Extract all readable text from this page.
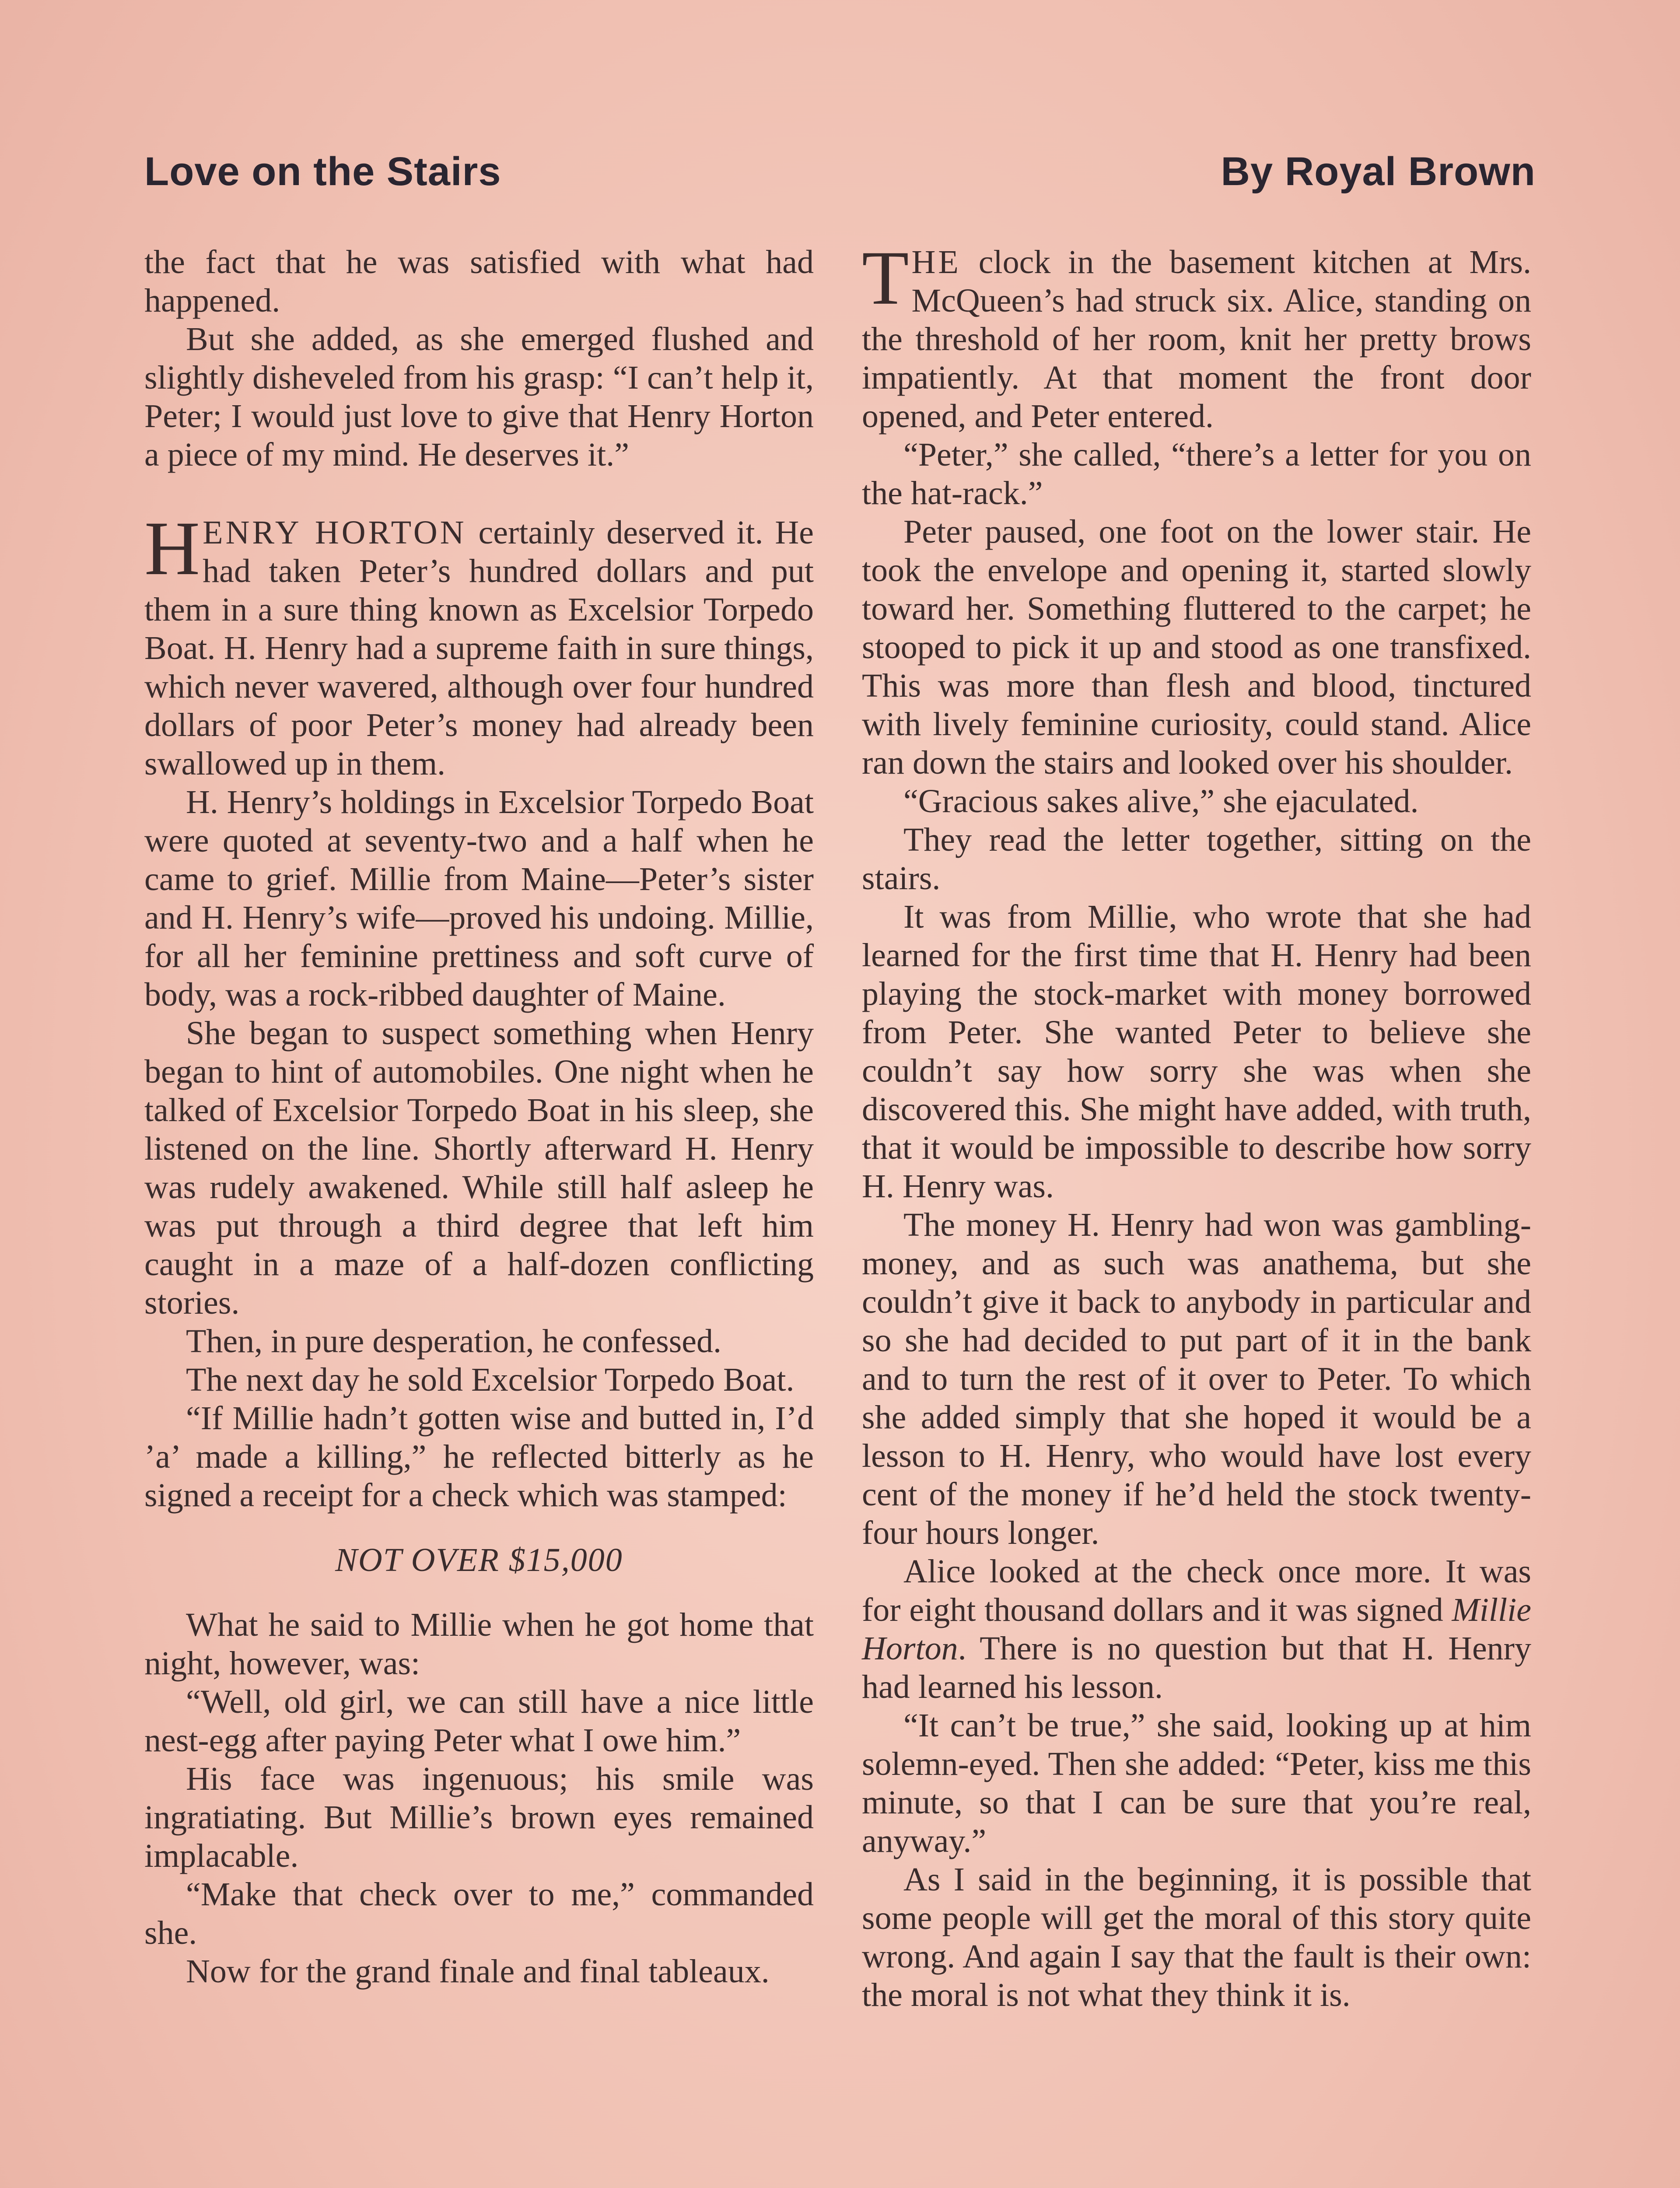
Love on the Stairs	By Royal Brown

the fact that he was satisfied with what had happened.

But she added, as she emerged flushed and slightly disheveled from his grasp: “I can’t help it, Peter; I would just love to give that Henry Horton a piece of my mind. He deserves it.”

HENRY HORTON certainly deserved it. He had taken Peter’s hundred dollars and put them in a sure thing known as Excelsior Torpedo Boat. H. Henry had a supreme faith in sure things, which never wavered, although over four hundred dollars of poor Peter’s money had already been swallowed up in them.

H. Henry’s holdings in Excelsior Torpedo Boat were quoted at seventy-two and a half when he came to grief. Millie from Maine—Peter’s sister and H. Henry’s wife—proved his undoing. Millie, for all her feminine prettiness and soft curve of body, was a rock-ribbed daughter of Maine.

She began to suspect something when Henry began to hint of automobiles. One night when he talked of Excelsior Torpedo Boat in his sleep, she listened on the line. Shortly afterward H. Henry was rudely awakened. While still half asleep he was put through a third degree that left him caught in a maze of a half-dozen conflicting stories.

Then, in pure desperation, he confessed.

The next day he sold Excelsior Torpedo Boat.

“If Millie hadn’t gotten wise and butted in, I’d ’a’ made a killing,” he reflected bitterly as he signed a receipt for a check which was stamped:

NOT OVER $15,000

What he said to Millie when he got home that night, however, was:

“Well, old girl, we can still have a nice little nest-egg after paying Peter what I owe him.”

His face was ingenuous; his smile was ingratiating. But Millie’s brown eyes remained implacable.

“Make that check over to me,” commanded she.

Now for the grand finale and final tableaux.

THE clock in the basement kitchen at Mrs. McQueen’s had struck six. Alice, standing on the threshold of her room, knit her pretty brows impatiently. At that moment the front door opened, and Peter entered.

“Peter,” she called, “there’s a letter for you on the hat-rack.”

Peter paused, one foot on the lower stair. He took the envelope and opening it, started slowly toward her. Something fluttered to the carpet; he stooped to pick it up and stood as one transfixed. This was more than flesh and blood, tinctured with lively feminine curiosity, could stand. Alice ran down the stairs and looked over his shoulder.

“Gracious sakes alive,” she ejaculated.

They read the letter together, sitting on the stairs.

It was from Millie, who wrote that she had learned for the first time that H. Henry had been playing the stock-market with money borrowed from Peter. She wanted Peter to believe she couldn’t say how sorry she was when she discovered this. She might have added, with truth, that it would be impossible to describe how sorry H. Henry was.

The money H. Henry had won was gambling-money, and as such was anathema, but she couldn’t give it back to anybody in particular and so she had decided to put part of it in the bank and to turn the rest of it over to Peter. To which she added simply that she hoped it would be a lesson to H. Henry, who would have lost every cent of the money if he’d held the stock twenty-four hours longer.

Alice looked at the check once more. It was for eight thousand dollars and it was signed Millie Horton. There is no question but that H. Henry had learned his lesson.

“It can’t be true,” she said, looking up at him solemn-eyed. Then she added: “Peter, kiss me this minute, so that I can be sure that you’re real, anyway.”

As I said in the beginning, it is possible that some people will get the moral of this story quite wrong. And again I say that the fault is their own: the moral is not what they think it is.
